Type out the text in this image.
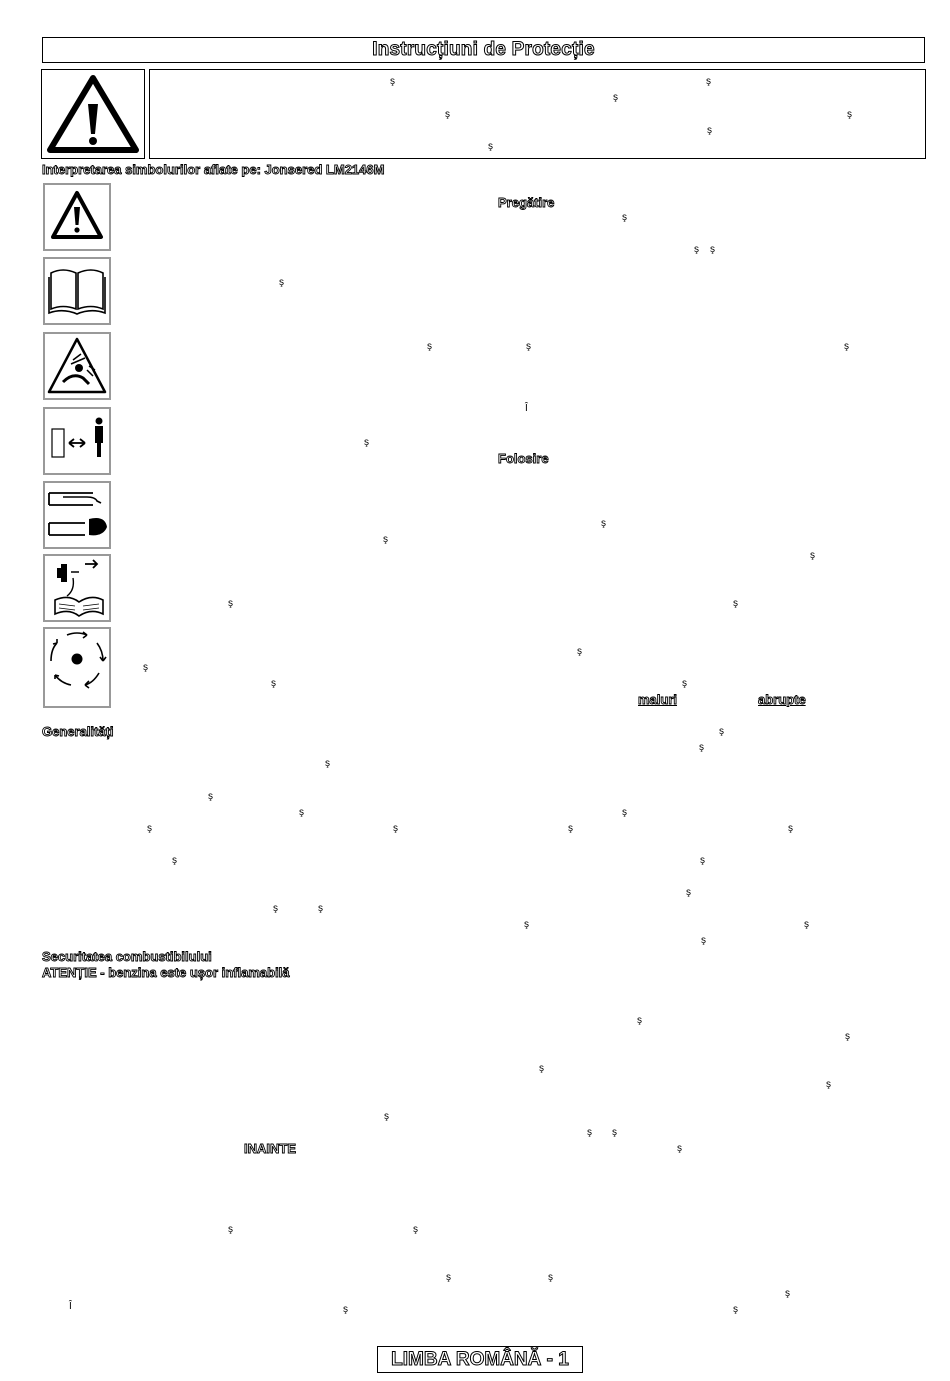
Instrucțiuni de Protecție
ş	ş
ş
ş	ş
ş
ş
Interpretarea simbolurilor aflate pe: Jonsered LM2146M
Pregătire
Folosire
maluri	abrupte
Generalități
Securitatea combustibilului
ATENȚIE - benzina este ușor inflamabilă
INAINTE
ş
ş ş
ş
ş	ş	ş
Î
ş
ş
ş
ş
ş	ş
ş
ş
ş	ş
ş
ş
ş
ş
ş	ş
ş	ş	ş	ş
ş	ş
ş
ş	ş
ş	ş
ş
ş
ş
ş
ş
ş
ş ş
ş
ş	ş
ş	ş
ş
Î	ş	ş
LIMBA ROMÂNĂ - 1
